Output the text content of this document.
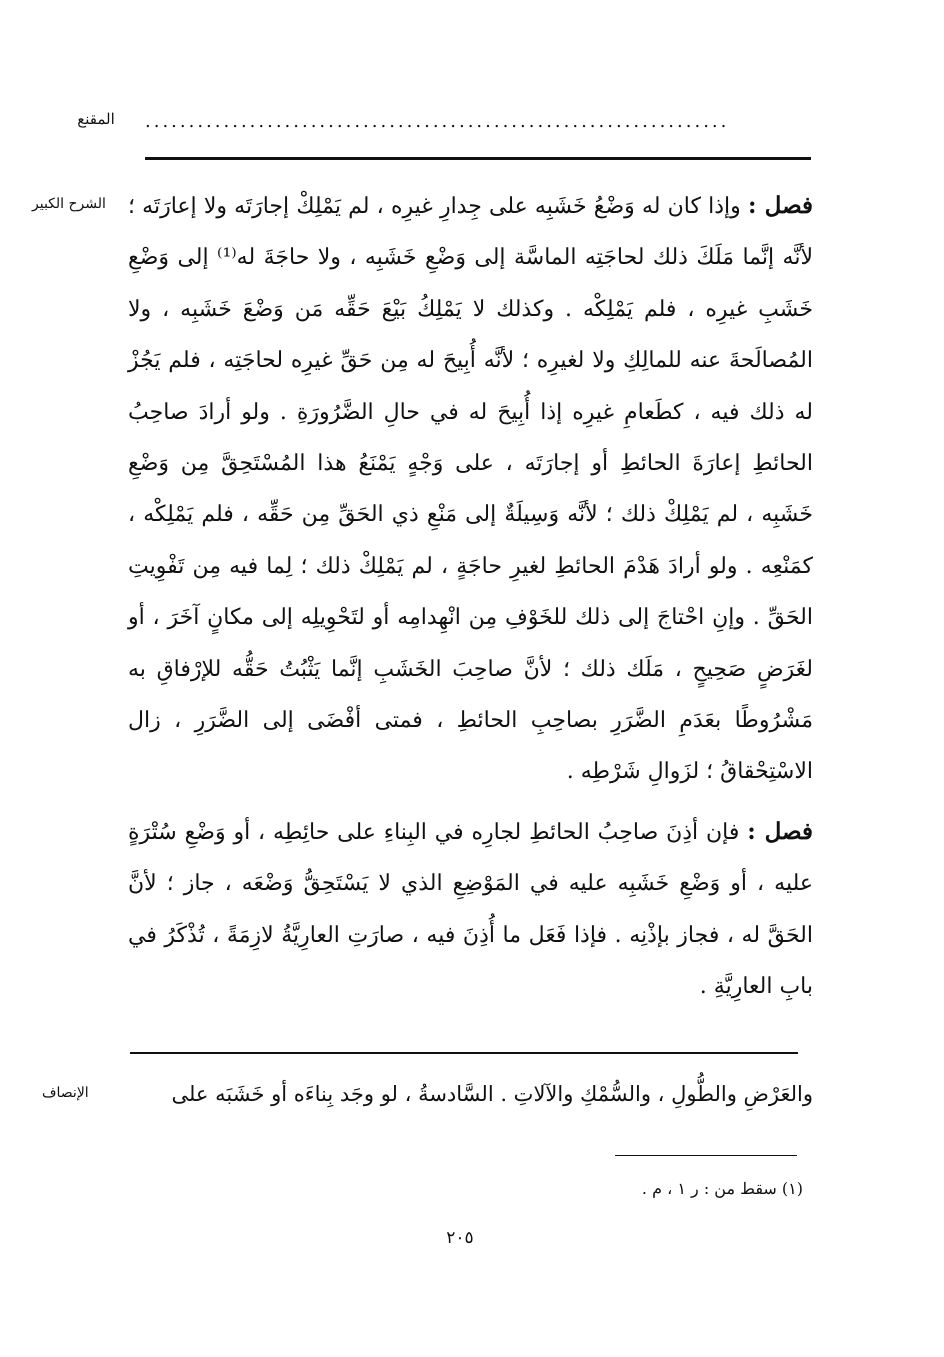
المقنع	...................................................................
الشرح الكبير	فصل : وإذا كان له وَضْعُ خَشَبِه على جِدارِ غيرِه ، لم يَمْلِكْ إجارَتَه ولا إعارَتَه ؛ لأنَّه إنَّما مَلَكَ ذلك لحاجَتِه الماسَّة إلى وَضْعِ خَشَبِه ، ولا حاجَةَ له⁽¹⁾ إلى وَضْعِ خَشَبِ غيرِه ، فلم يَمْلِكْه . وكذلك لا يَمْلِكُ بَيْعَ حَقِّه مَن وَضْعَ خَشَبِه ، ولا المُصالَحةَ عنه للمالِكِ ولا لغيرِه ؛ لأنَّه أُبِيحَ له مِن حَقِّ غيرِه لحاجَتِه ، فلم يَجُزْ له ذلك فيه ، كطَعامِ غيرِه إذا أُبِيحَ له في حالِ الضَّرُورَةِ . ولو أرادَ صاحِبُ الحائطِ إعارَةَ الحائطِ أو إجارَتَه ، على وَجْهٍ يَمْنَعُ هذا المُسْتَحِقَّ مِن وَضْعِ خَشَبِه ، لم يَمْلِكْ ذلك ؛ لأنَّه وَسِيلَةٌ إلى مَنْعِ ذي الحَقِّ مِن حَقِّه ، فلم يَمْلِكْه ، كمَنْعِه . ولو أرادَ هَدْمَ الحائطِ لغيرِ حاجَةٍ ، لم يَمْلِكْ ذلك ؛ لِما فيه مِن تَفْوِيتِ الحَقِّ . وإنِ احْتاجَ إلى ذلك للخَوْفِ مِن انْهِدامِه أو لتَحْوِيلِه إلى مكانٍ آخَرَ ، أو لغَرَضٍ صَحِيحٍ ، مَلَك ذلك ؛ لأنَّ صاحِبَ الخَشَبِ إنَّما يَثْبُتُ حَقُّه للإرْفاقِ به مَشْرُوطًا بعَدَمِ الضَّرَرِ بصاحِبِ الحائطِ ، فمتى أفْضَى إلى الضَّرَرِ ، زال الاسْتِحْقاقُ ؛ لزَوالِ شَرْطِه .

فصل : فإن أذِنَ صاحِبُ الحائطِ لجارِه في البِناءِ على حائِطِه ، أو وَضْعِ سُتْرَةٍ عليه ، أو وَضْعِ خَشَبِه عليه في المَوْضِعِ الذي لا يَسْتَحِقُّ وَضْعَه ، جاز ؛ لأنَّ الحَقَّ له ، فجاز بإذْنِه . فإذا فَعَل ما أُذِنَ فيه ، صارَتِ العارِيَّةُ لازِمَةً ، تُذْكَرُ في بابِ العارِيَّةِ .

الإنصاف	والعَرْضِ والطُّولِ ، والسُّمْكِ والآلاتِ . السَّادسةُ ، لو وجَد بِناءَه أو خَشَبَه على
(١) سقط من : ر ١ ، م .
٢٠٥
